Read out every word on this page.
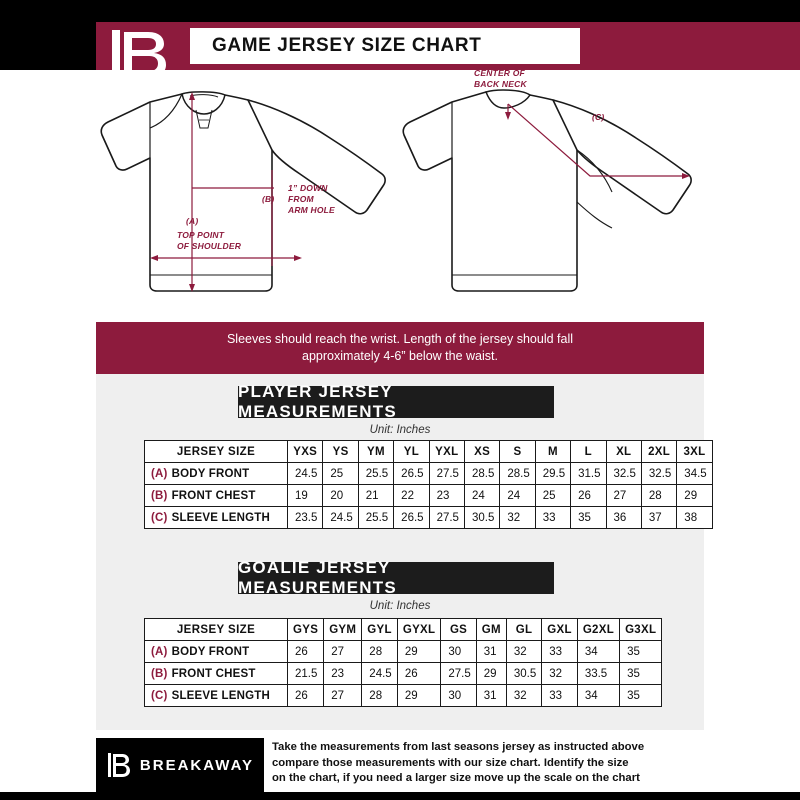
GAME JERSEY SIZE CHART
(A)
(B)
(C)
TOP POINT
OF SHOULDER
1” DOWN
FROM
ARM HOLE
CENTER OF
BACK NECK
Sleeves should reach the wrist. Length of the jersey should fall
approximately 4-6” below the waist.
PLAYER JERSEY MEASUREMENTS
Unit: Inches
JERSEY SIZE	YXS	YS	YM	YL	YXL	XS	S	M	L	XL	2XL	3XL
(A) BODY FRONT	24.5	25	25.5	26.5	27.5	28.5	28.5	29.5	31.5	32.5	32.5	34.5
(B) FRONT CHEST	19	20	21	22	23	24	24	25	26	27	28	29
(C) SLEEVE LENGTH	23.5	24.5	25.5	26.5	27.5	30.5	32	33	35	36	37	38
GOALIE JERSEY MEASUREMENTS
Unit: Inches
JERSEY SIZE	GYS	GYM	GYL	GYXL	GS	GM	GL	GXL	G2XL	G3XL
(A) BODY FRONT	26	27	28	29	30	31	32	33	34	35
(B) FRONT CHEST	21.5	23	24.5	26	27.5	29	30.5	32	33.5	35
(C) SLEEVE LENGTH	26	27	28	29	30	31	32	33	34	35
BREAKAWAY
Take the measurements from last seasons jersey as instructed above
compare those measurements with our size chart. Identify the size
on the chart, if you need a larger size move up the scale on the chart
